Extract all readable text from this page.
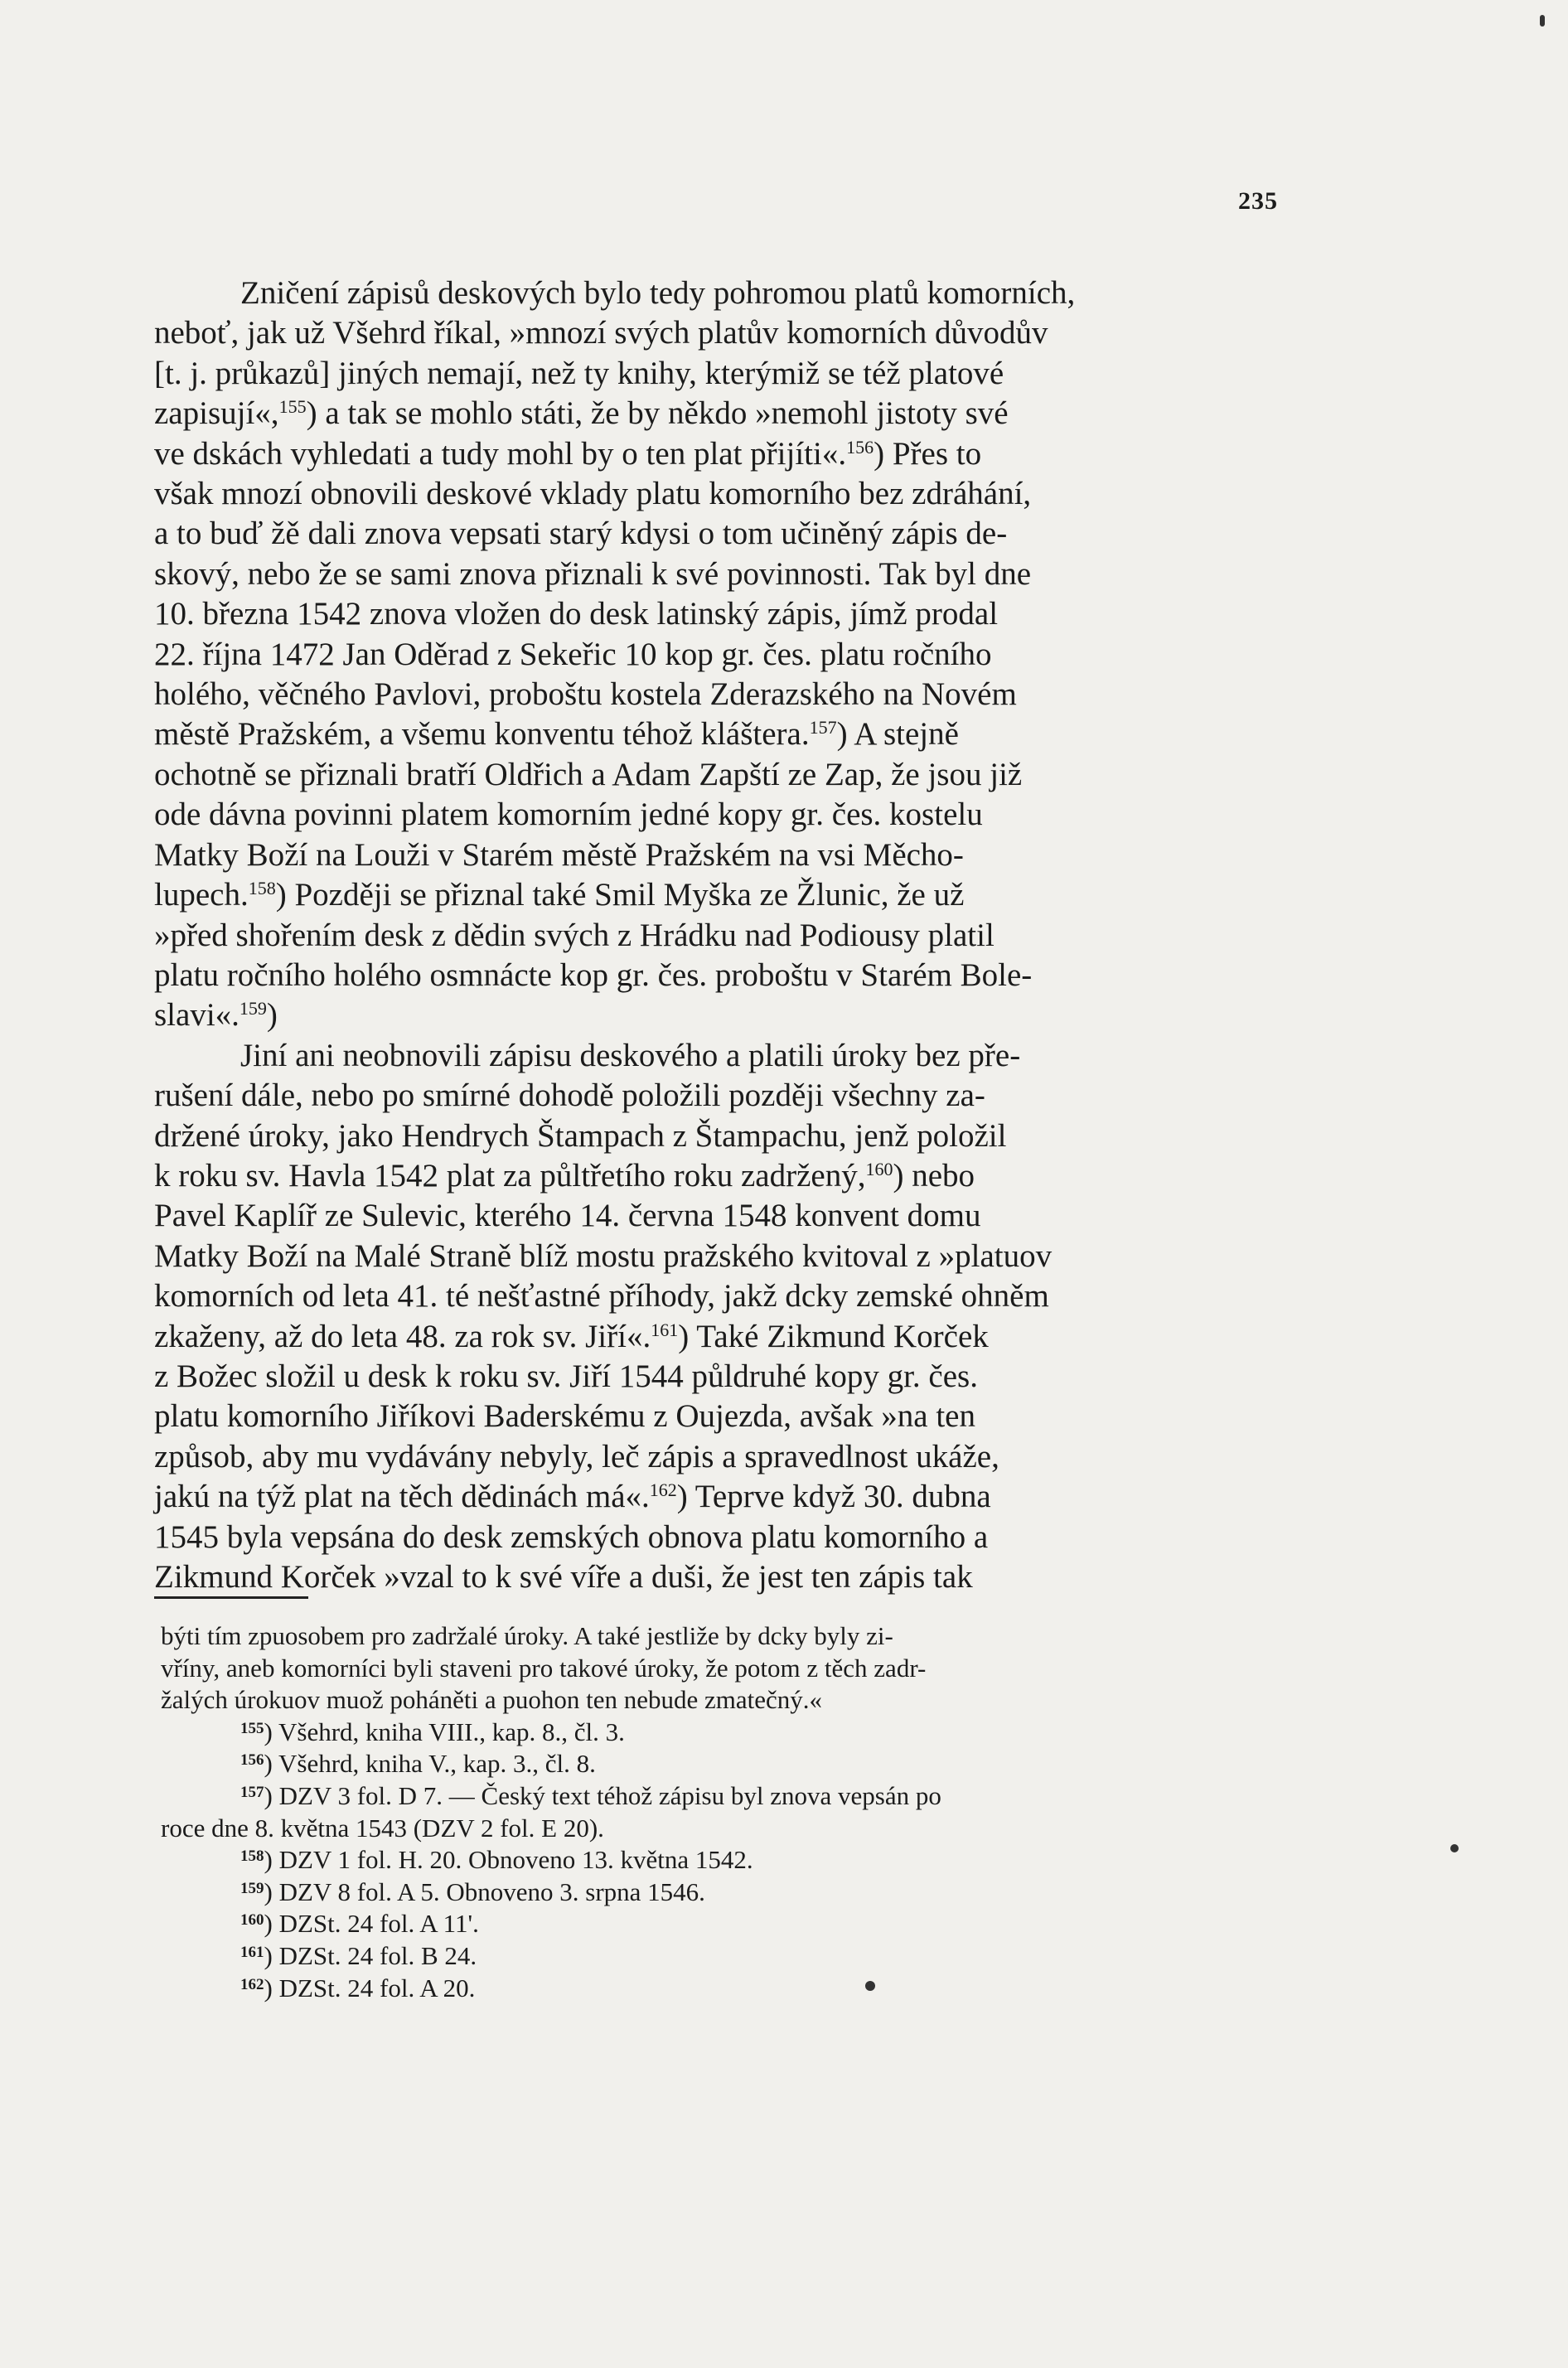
235
Zničení zápisů deskových bylo tedy pohromou platů komorních,
neboť, jak už Všehrd říkal, »mnozí svých platův komorních důvodův
[t. j. průkazů] jiných nemají, než ty knihy, kterýmiž se též platové
zapisují«,$^{155}$) a tak se mohlo státi, že by někdo »nemohl jistoty své
ve dskách vyhledati a tudy mohl by o ten plat přijíti«.$^{156}$) Přes to
však mnozí obnovili deskové vklady platu komorního bez zdráhání,
a to buď žě dali znova vepsati starý kdysi o tom učiněný zápis de-
skový, nebo že se sami znova přiznali k své povinnosti. Tak byl dne
10. března 1542 znova vložen do desk latinský zápis, jímž prodal
22. října 1472 Jan Oděrad z Sekeřic 10 kop gr. čes. platu ročního
holého, věčného Pavlovi, proboštu kostela Zderazského na Novém
městě Pražském, a všemu konventu téhož kláštera.$^{157}$) A stejně
ochotně se přiznali bratří Oldřich a Adam Zapští ze Zap, že jsou již
ode dávna povinni platem komorním jedné kopy gr. čes. kostelu
Matky Boží na Louži v Starém městě Pražském na vsi Měcho-
lupech.$^{158}$) Později se přiznal také Smil Myška ze Žlunic, že už
»před shořením desk z dědin svých z Hrádku nad Podiousy platil
platu ročního holého osmnácte kop gr. čes. proboštu v Starém Bole-
slavi«.$^{159}$)
Jiní ani neobnovili zápisu deskového a platili úroky bez pře-
rušení dále, nebo po smírné dohodě položili později všechny za-
držené úroky, jako Hendrych Štampach z Štampachu, jenž položil
k roku sv. Havla 1542 plat za půltřetího roku zadržený,$^{160}$) nebo
Pavel Kaplíř ze Sulevic, kterého 14. června 1548 konvent domu
Matky Boží na Malé Straně blíž mostu pražského kvitoval z »platuov
komorních od leta 41. té nešťastné příhody, jakž dcky zemské ohněm
zkaženy, až do leta 48. za rok sv. Jiří«.$^{161}$) Také Zikmund Korček
z Božec složil u desk k roku sv. Jiří 1544 půldruhé kopy gr. čes.
platu komorního Jiříkovi Baderskému z Oujezda, avšak »na ten
způsob, aby mu vydávány nebyly, leč zápis a spravedlnost ukáže,
jakú na týž plat na těch dědinách má«.$^{162}$) Teprve když 30. dubna
1545 byla vepsána do desk zemských obnova platu komorního a
Zikmund Korček »vzal to k své víře a duši, že jest ten zápis tak
býti tím zpuosobem pro zadržalé úroky. A také jestliže by dcky byly zi-
vříny, aneb komorníci byli staveni pro takové úroky, že potom z těch zadr-
žalých úrokuov muož poháněti a puohon ten nebude zmatečný.«
$^{155}$) Všehrd, kniha VIII., kap. 8., čl. 3.
$^{156}$) Všehrd, kniha V., kap. 3., čl. 8.
$^{157}$) DZV 3 fol. D 7. — Český text téhož zápisu byl znova vepsán po
roce dne 8. května 1543 (DZV 2 fol. E 20).
$^{158}$) DZV 1 fol. H. 20. Obnoveno 13. května 1542.
$^{159}$) DZV 8 fol. A 5. Obnoveno 3. srpna 1546.
$^{160}$) DZSt. 24 fol. A 11'.
$^{161}$) DZSt. 24 fol. B 24.
$^{162}$) DZSt. 24 fol. A 20.
